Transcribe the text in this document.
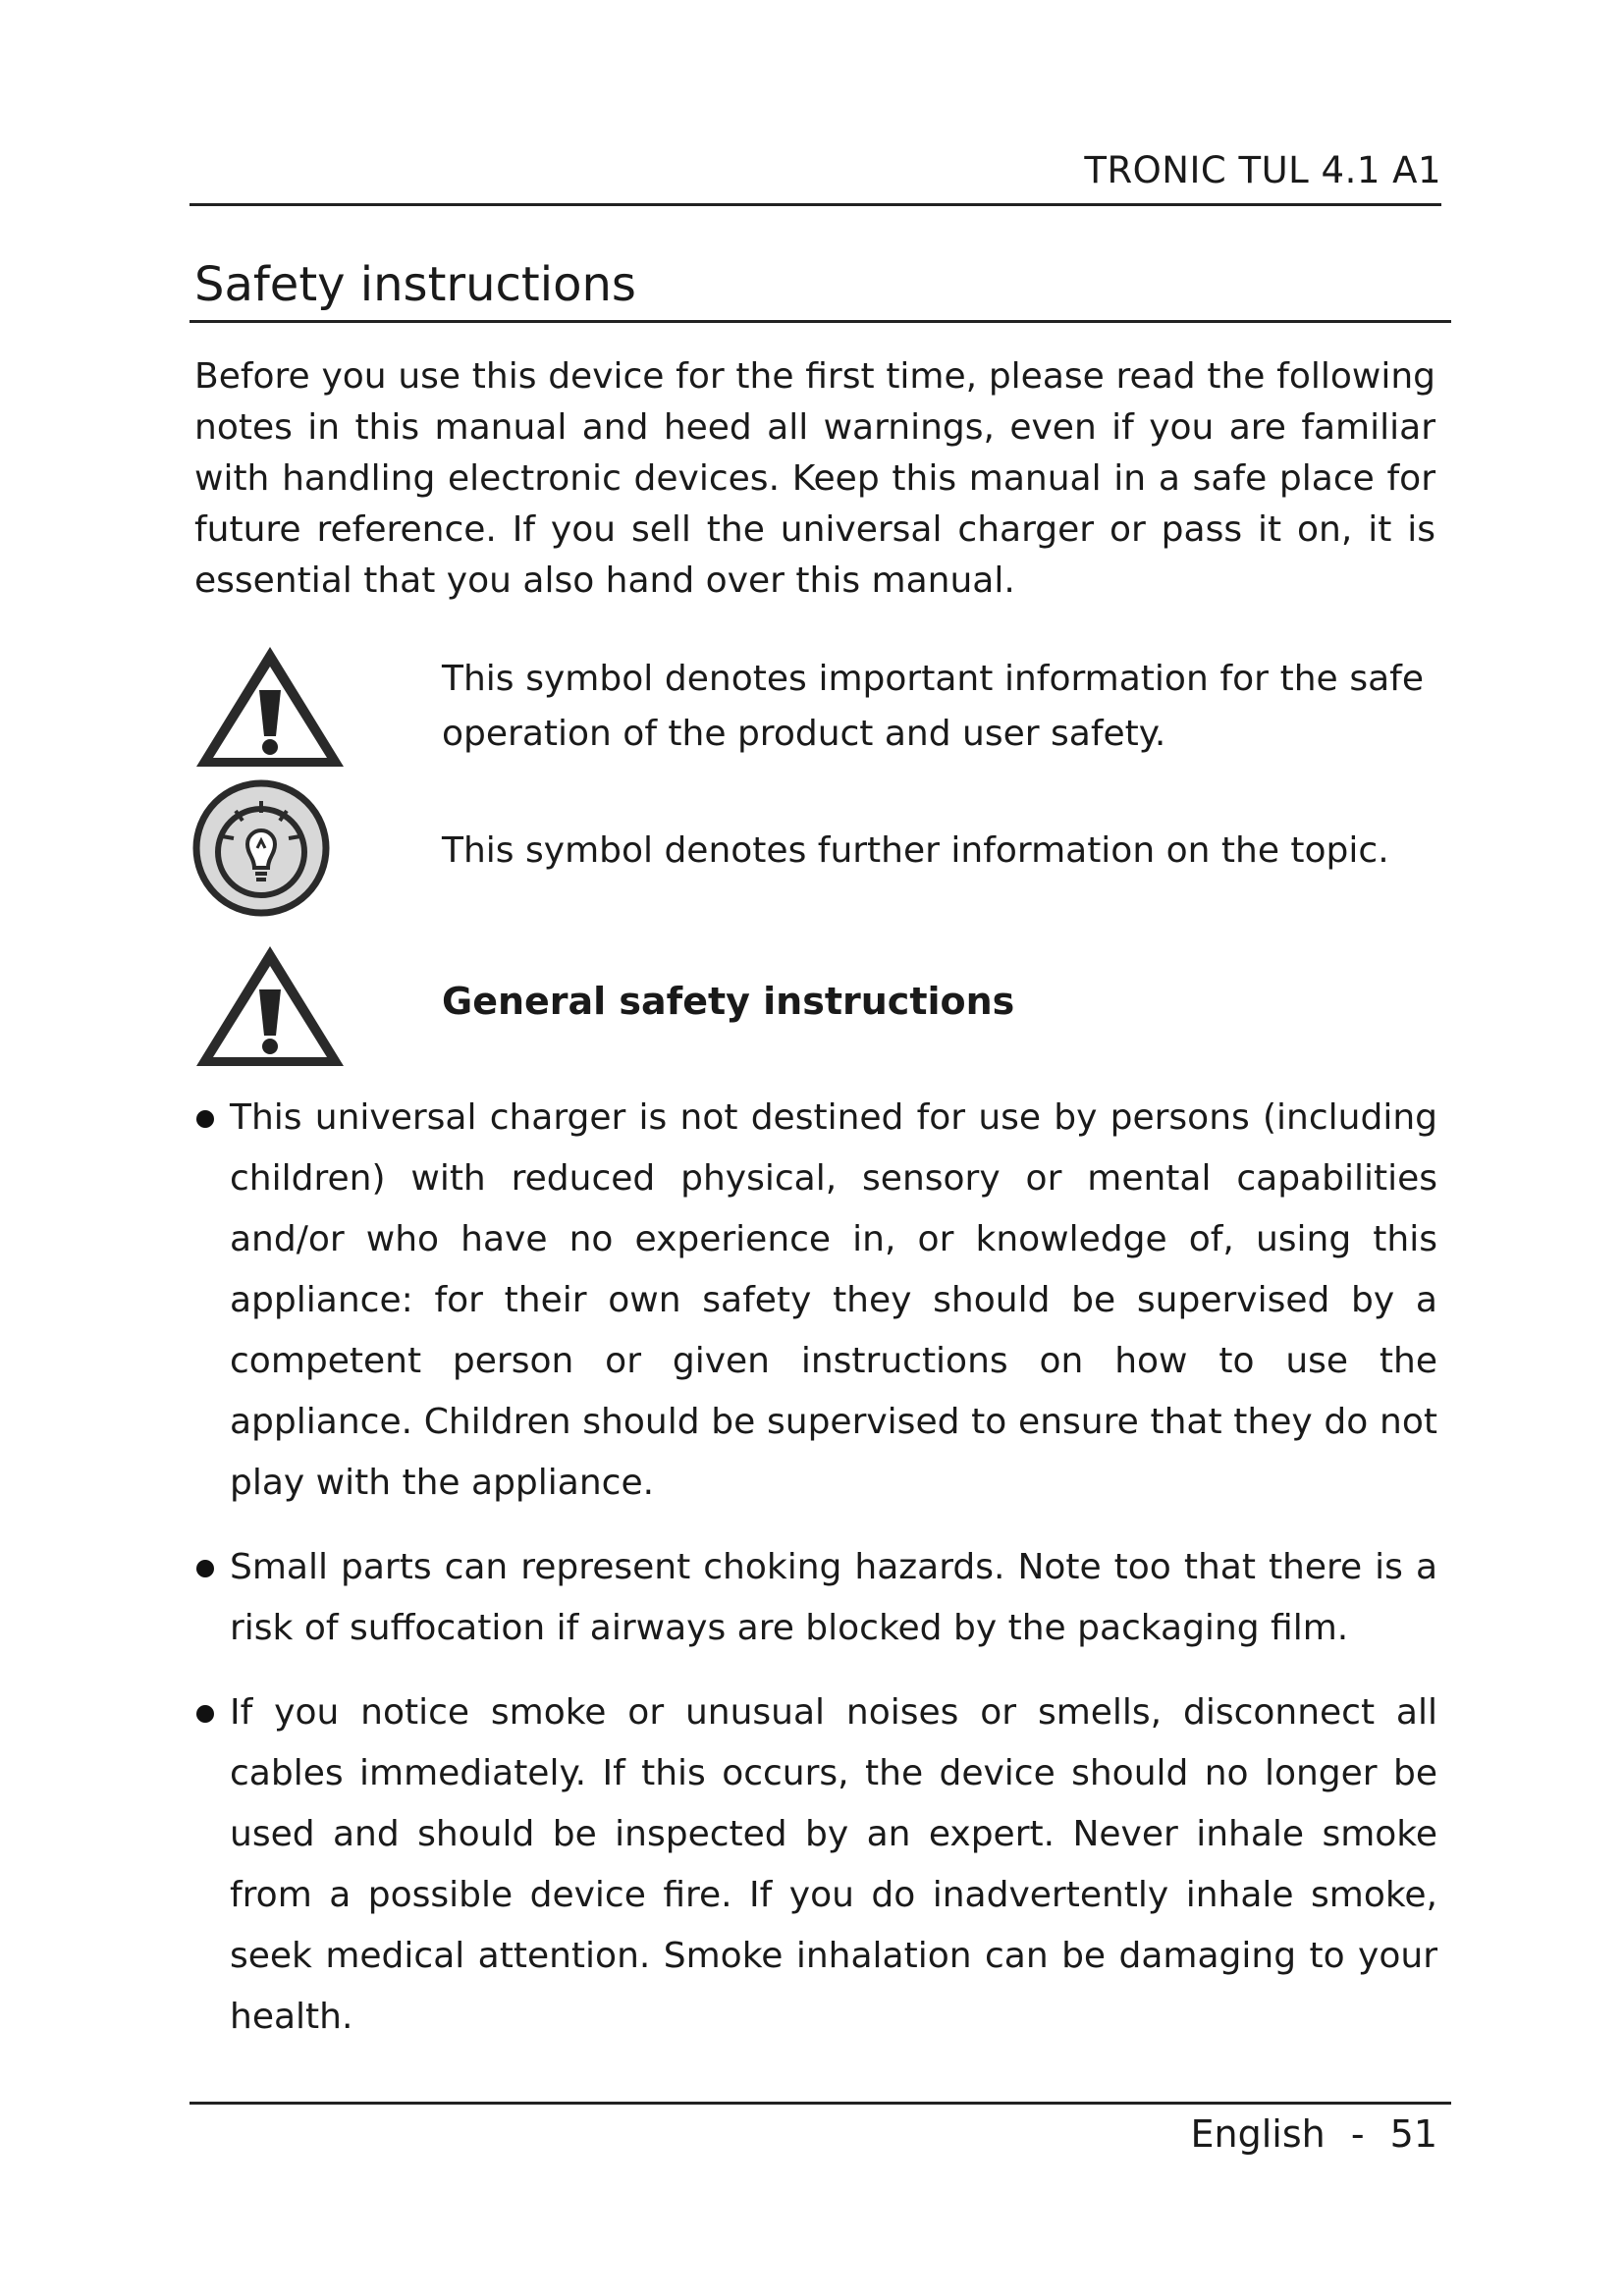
TRONIC TUL 4.1 A1
Safety instructions
Before you use this device for the first time, please read the following notes in this manual and heed all warnings, even if you are familiar with handling electronic devices. Keep this manual in a safe place for future reference. If you sell the universal charger or pass it on, it is essential that you also hand over this manual.
This symbol denotes important information for the safe operation of the product and user safety.
This symbol denotes further information on the topic.
General safety instructions
This universal charger is not destined for use by persons (including children) with reduced physical, sensory or mental capabilities and/or who have no experience in, or knowledge of, using this appliance: for their own safety they should be supervised by a competent person or given instructions on how to use the appliance. Children should be supervised to ensure that they do not play with the appliance.
Small parts can represent choking hazards. Note too that there is a risk of suffocation if airways are blocked by the packaging film.
If you notice smoke or unusual noises or smells, disconnect all cables immediately. If this occurs, the device should no longer be used and should be inspected by an expert. Never inhale smoke from a possible device fire. If you do inadvertently inhale smoke, seek medical attention. Smoke inhalation can be damaging to your health.
English - 51
